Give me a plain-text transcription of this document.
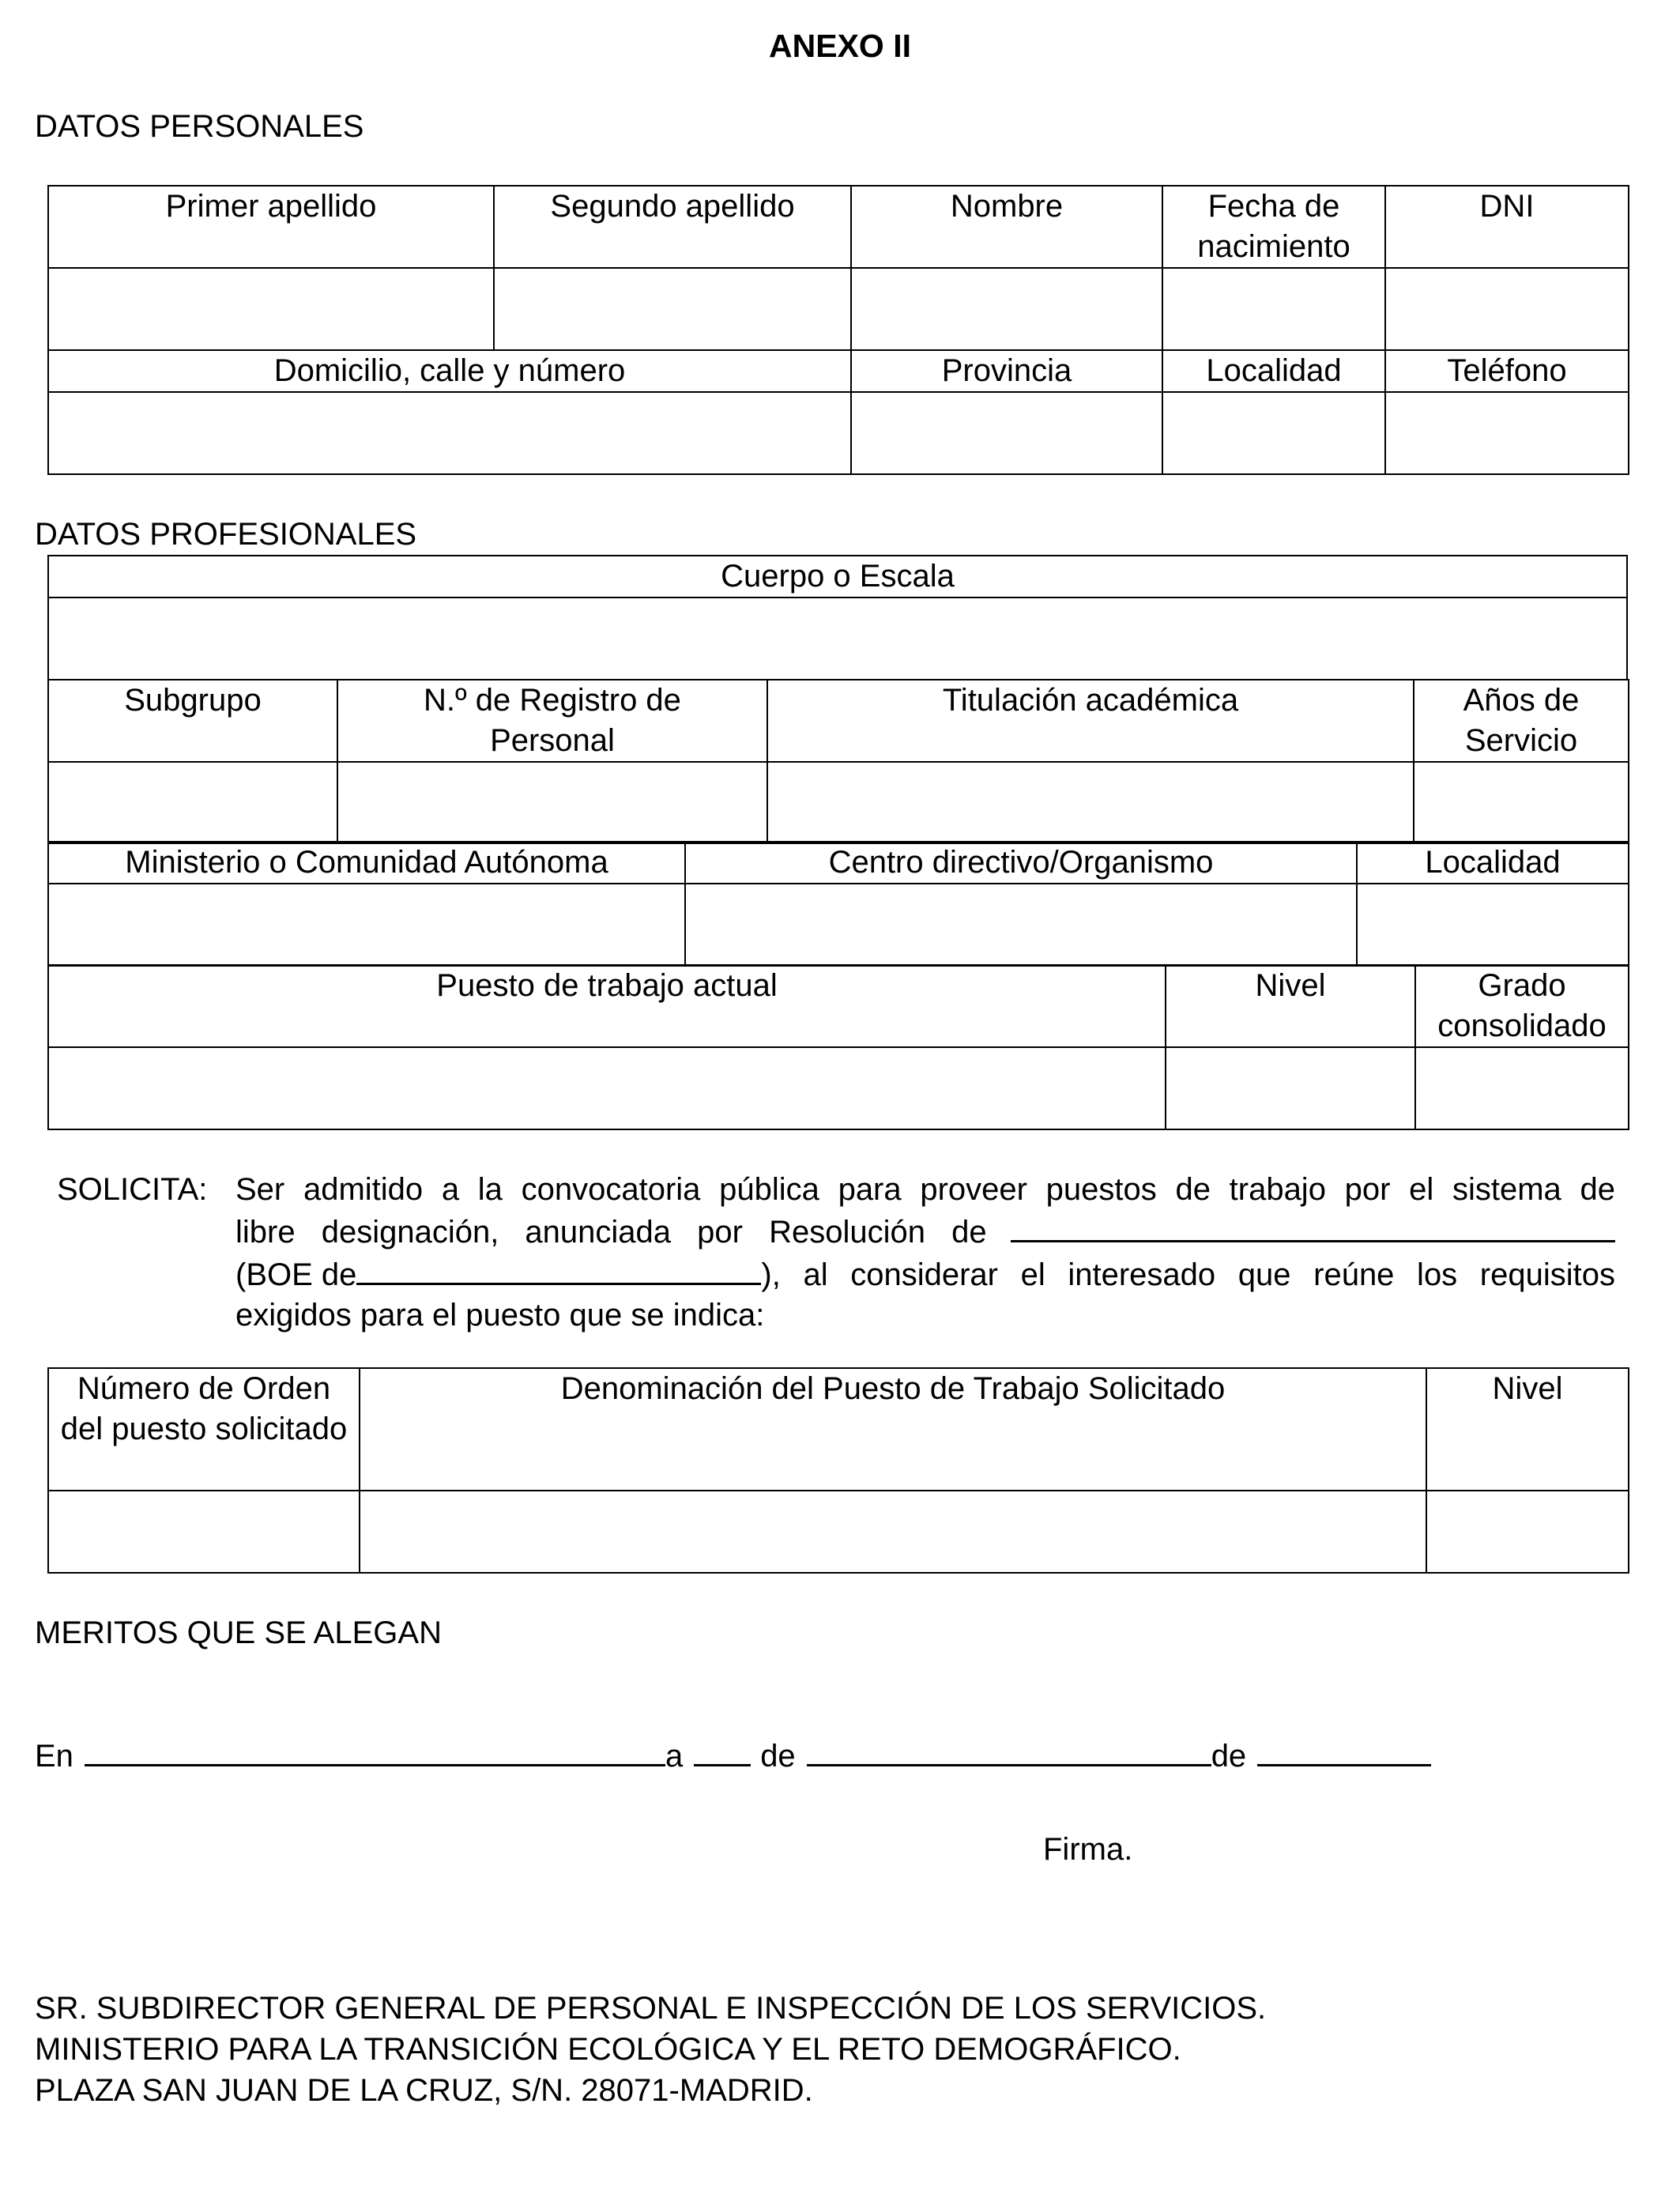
ANEXO II
DATOS PERSONALES
Primer apellido	Segundo apellido	Nombre	Fecha de nacimiento	DNI

Domicilio, calle y número		Provincia	Localidad	Teléfono

DATOS PROFESIONALES
Cuerpo o Escala

Subgrupo	N.º de Registro de Personal	Titulación académica	Años de Servicio

Ministerio o Comunidad Autónoma	Centro directivo/Organismo	Localidad

Puesto de trabajo actual	Nivel	Grado consolidado

SOLICITA: Ser admitido a la convocatoria pública para proveer puestos de trabajo por el sistema de
libre designación, anunciada por Resolución de
(BOE de	), al considerar el interesado que reúne los requisitos
exigidos para el puesto que se indica:
Número de Orden del puesto solicitado	Denominación del Puesto de Trabajo Solicitado	Nivel

MERITOS QUE SE ALEGAN
En	a de	de
Firma.
SR. SUBDIRECTOR GENERAL DE PERSONAL E INSPECCIÓN DE LOS SERVICIOS.
MINISTERIO PARA LA TRANSICIÓN ECOLÓGICA Y EL RETO DEMOGRÁFICO.
PLAZA SAN JUAN DE LA CRUZ, S/N. 28071-MADRID.
